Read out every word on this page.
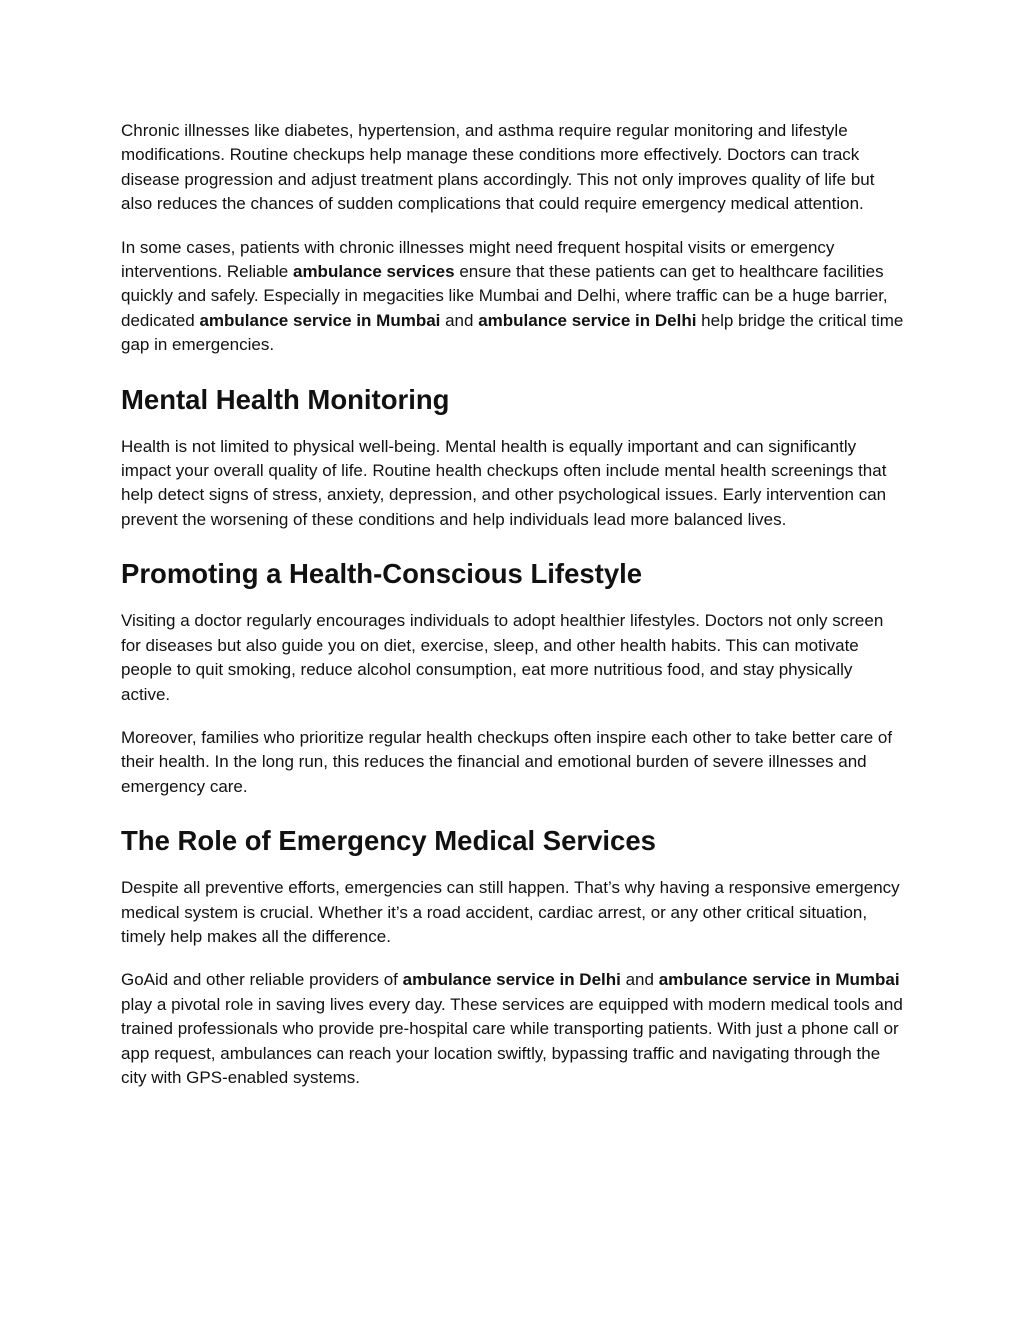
Chronic illnesses like diabetes, hypertension, and asthma require regular monitoring and lifestyle modifications. Routine checkups help manage these conditions more effectively. Doctors can track disease progression and adjust treatment plans accordingly. This not only improves quality of life but also reduces the chances of sudden complications that could require emergency medical attention.

In some cases, patients with chronic illnesses might need frequent hospital visits or emergency interventions. Reliable ambulance services ensure that these patients can get to healthcare facilities quickly and safely. Especially in megacities like Mumbai and Delhi, where traffic can be a huge barrier, dedicated ambulance service in Mumbai and ambulance service in Delhi help bridge the critical time gap in emergencies.

Mental Health Monitoring

Health is not limited to physical well-being. Mental health is equally important and can significantly impact your overall quality of life. Routine health checkups often include mental health screenings that help detect signs of stress, anxiety, depression, and other psychological issues. Early intervention can prevent the worsening of these conditions and help individuals lead more balanced lives.

Promoting a Health-Conscious Lifestyle

Visiting a doctor regularly encourages individuals to adopt healthier lifestyles. Doctors not only screen for diseases but also guide you on diet, exercise, sleep, and other health habits. This can motivate people to quit smoking, reduce alcohol consumption, eat more nutritious food, and stay physically active.

Moreover, families who prioritize regular health checkups often inspire each other to take better care of their health. In the long run, this reduces the financial and emotional burden of severe illnesses and emergency care.

The Role of Emergency Medical Services

Despite all preventive efforts, emergencies can still happen. That’s why having a responsive emergency medical system is crucial. Whether it’s a road accident, cardiac arrest, or any other critical situation, timely help makes all the difference.

GoAid and other reliable providers of ambulance service in Delhi and ambulance service in Mumbai play a pivotal role in saving lives every day. These services are equipped with modern medical tools and trained professionals who provide pre-hospital care while transporting patients. With just a phone call or app request, ambulances can reach your location swiftly, bypassing traffic and navigating through the city with GPS-enabled systems.
